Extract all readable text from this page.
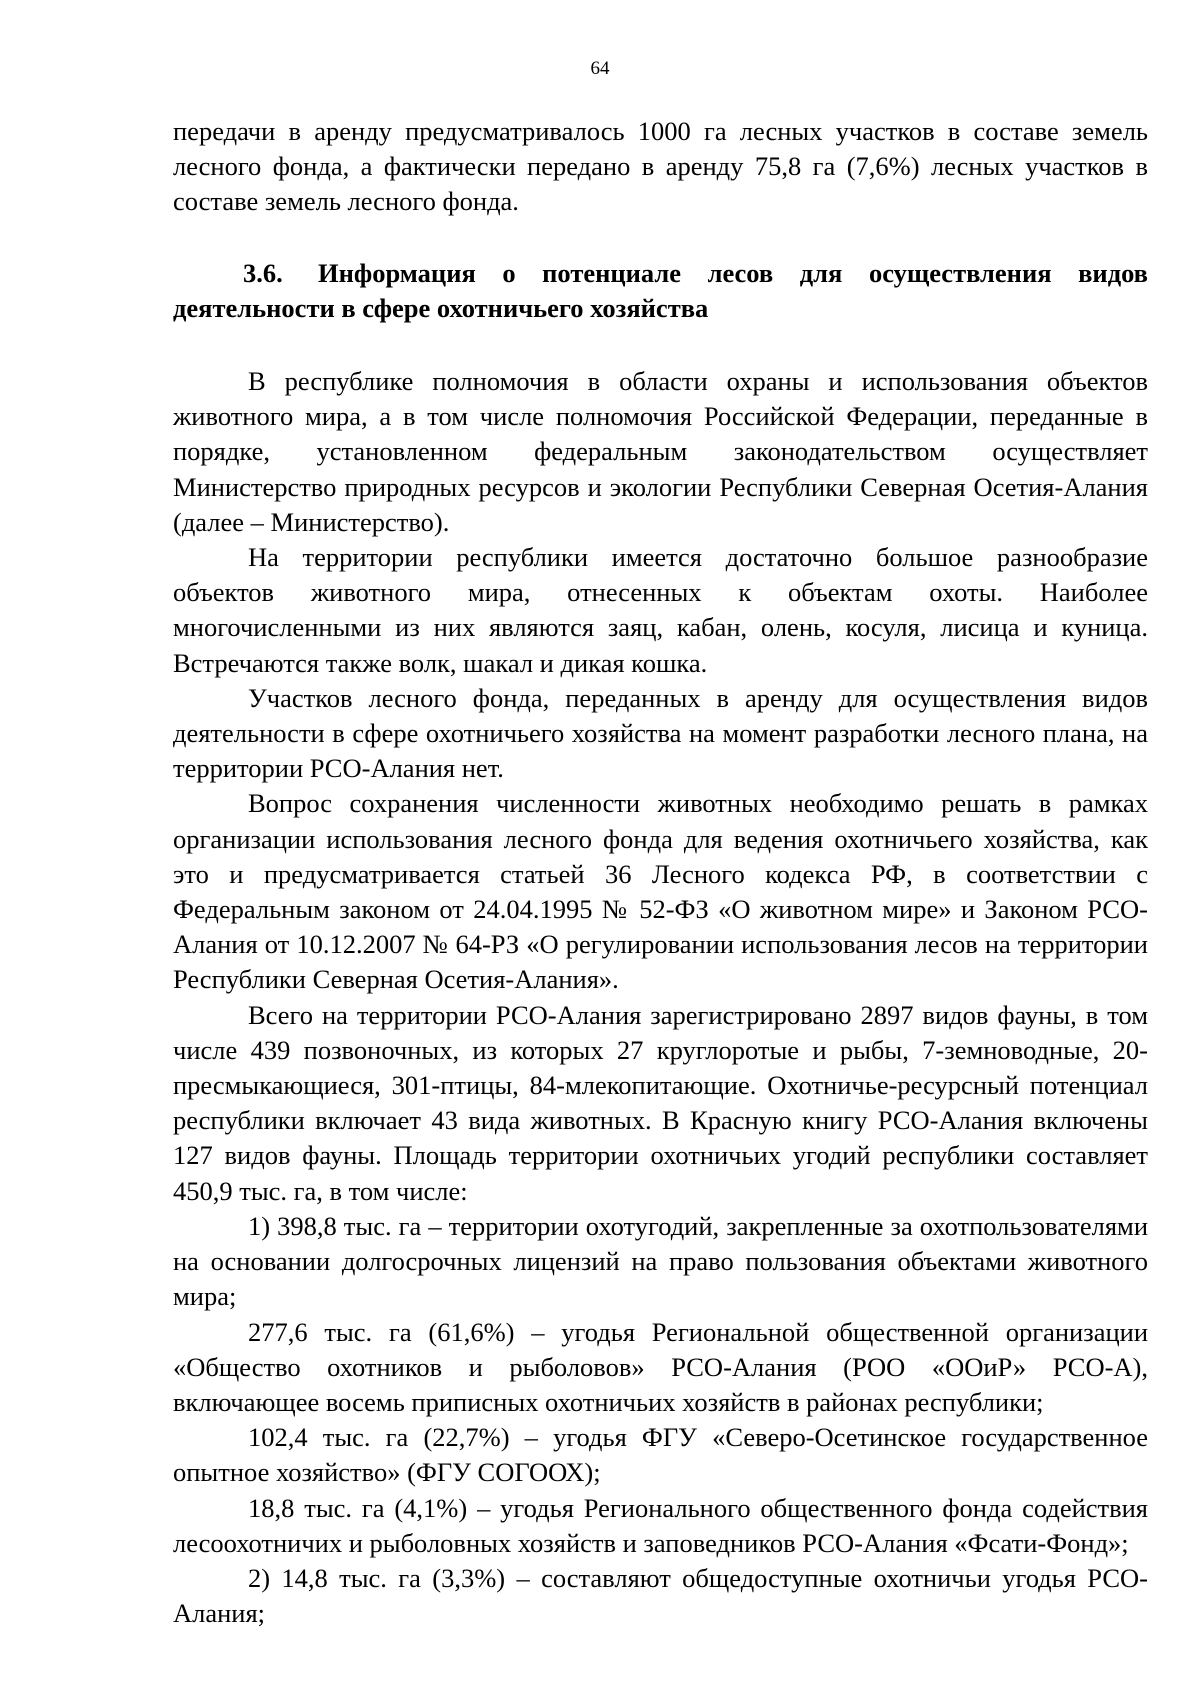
64

передачи в аренду предусматривалось 1000 га лесных участков в составе земель лесного фонда, а фактически передано в аренду 75,8 га (7,6%) лесных участков в составе земель лесного фонда.

3.6. Информация о потенциале лесов для осуществления видов деятельности в сфере охотничьего хозяйства

В республике полномочия в области охраны и использования объектов животного мира, а в том числе полномочия Российской Федерации, переданные в порядке, установленном федеральным законодательством осуществляет Министерство природных ресурсов и экологии Республики Северная Осетия-Алания (далее – Министерство).

На территории республики имеется достаточно большое разнообразие объектов животного мира, отнесенных к объектам охоты. Наиболее многочисленными из них являются заяц, кабан, олень, косуля, лисица и куница. Встречаются также волк, шакал и дикая кошка.

Участков лесного фонда, переданных в аренду для осуществления видов деятельности в сфере охотничьего хозяйства на момент разработки лесного плана, на территории РСО-Алания нет.

Вопрос сохранения численности животных необходимо решать в рамках организации использования лесного фонда для ведения охотничьего хозяйства, как это и предусматривается статьей 36 Лесного кодекса РФ, в соответствии с Федеральным законом от 24.04.1995 № 52-ФЗ «О животном мире» и Законом РСО-Алания от 10.12.2007 № 64-РЗ «О регулировании использования лесов на территории Республики Северная Осетия-Алания».

Всего на территории РСО-Алания зарегистрировано 2897 видов фауны, в том числе 439 позвоночных, из которых 27 круглоротые и рыбы, 7-земноводные, 20-пресмыкающиеся, 301-птицы, 84-млекопитающие. Охотничье-ресурсный потенциал республики включает 43 вида животных. В Красную книгу РСО-Алания включены 127 видов фауны. Площадь территории охотничьих угодий республики составляет 450,9 тыс. га, в том числе:

1) 398,8 тыс. га – территории охотугодий, закрепленные за охотпользователями на основании долгосрочных лицензий на право пользования объектами животного мира;

277,6 тыс. га (61,6%) – угодья Региональной общественной организации «Общество охотников и рыболовов» РСО-Алания (РОО «ООиР» РСО-А), включающее восемь приписных охотничьих хозяйств в районах республики;

102,4 тыс. га (22,7%) – угодья ФГУ «Северо-Осетинское государственное опытное хозяйство» (ФГУ СОГООХ);

18,8 тыс. га (4,1%) – угодья Регионального общественного фонда содействия лесоохотничих и рыболовных хозяйств и заповедников РСО-Алания «Фсати-Фонд»;

2) 14,8 тыс. га (3,3%) – составляют общедоступные охотничьи угодья РСО-Алания;
